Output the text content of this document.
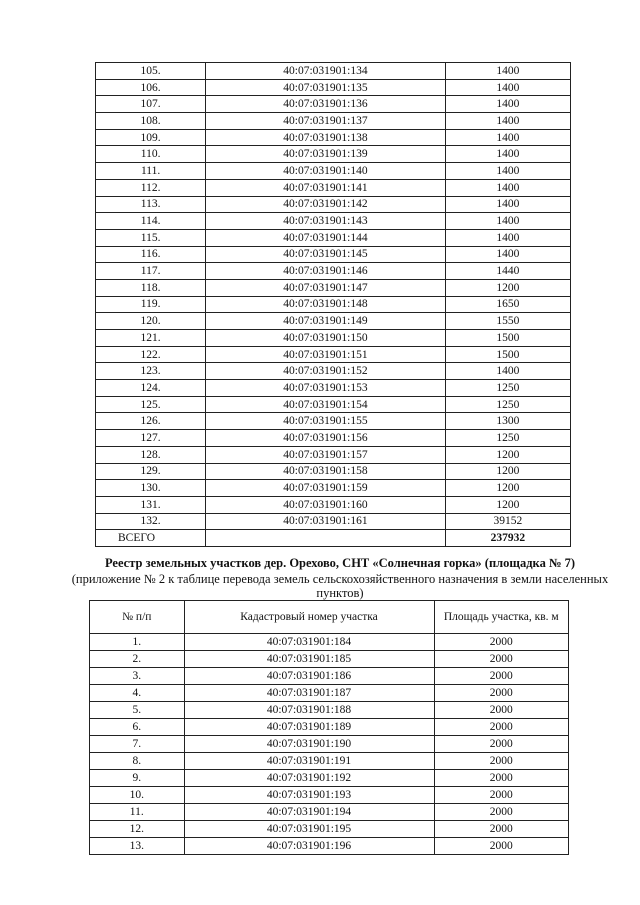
105.	40:07:031901:134	1400
106.	40:07:031901:135	1400
107.	40:07:031901:136	1400
108.	40:07:031901:137	1400
109.	40:07:031901:138	1400
110.	40:07:031901:139	1400
111.	40:07:031901:140	1400
112.	40:07:031901:141	1400
113.	40:07:031901:142	1400
114.	40:07:031901:143	1400
115.	40:07:031901:144	1400
116.	40:07:031901:145	1400
117.	40:07:031901:146	1440
118.	40:07:031901:147	1200
119.	40:07:031901:148	1650
120.	40:07:031901:149	1550
121.	40:07:031901:150	1500
122.	40:07:031901:151	1500
123.	40:07:031901:152	1400
124.	40:07:031901:153	1250
125.	40:07:031901:154	1250
126.	40:07:031901:155	1300
127.	40:07:031901:156	1250
128.	40:07:031901:157	1200
129.	40:07:031901:158	1200
130.	40:07:031901:159	1200
131.	40:07:031901:160	1200
132.	40:07:031901:161	39152
ВСЕГО		237932
Реестр земельных участков дер. Орехово, СНТ «Солнечная горка» (площадка № 7)
(приложение № 2 к таблице перевода земель сельскохозяйственного назначения в земли населенных пунктов)
№ п/п	Кадастровый номер участка	Площадь участка, кв. м
1.	40:07:031901:184	2000
2.	40:07:031901:185	2000
3.	40:07:031901:186	2000
4.	40:07:031901:187	2000
5.	40:07:031901:188	2000
6.	40:07:031901:189	2000
7.	40:07:031901:190	2000
8.	40:07:031901:191	2000
9.	40:07:031901:192	2000
10.	40:07:031901:193	2000
11.	40:07:031901:194	2000
12.	40:07:031901:195	2000
13.	40:07:031901:196	2000
